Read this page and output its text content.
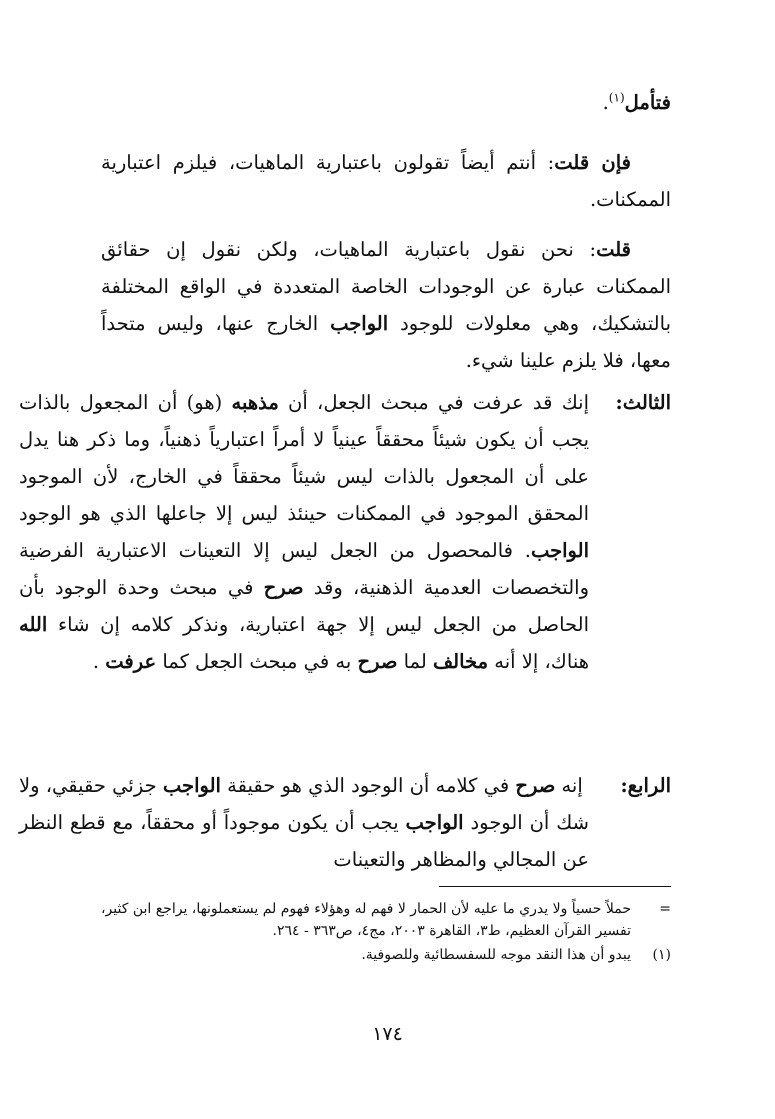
فتأمل$^{(١)}$.

فإن قلت: أنتم أيضاً تقولون باعتبارية الماهيات، فيلزم اعتبارية الممكنات.

قلت: نحن نقول باعتبارية الماهيات، ولكن نقول إن حقائق الممكنات عبارة عن الوجودات الخاصة المتعددة في الواقع المختلفة بالتشكيك، وهي معلولات للوجود الواجب الخارج عنها، وليس متحداً معها، فلا يلزم علينا شيء.

الثالث:إنك قد عرفت في مبحث الجعل، أن مذهبه (هو) أن المجعول بالذات يجب أن يكون شيئاً محققاً عينياً لا أمراً اعتبارياً ذهنياً، وما ذكر هنا يدل على أن المجعول بالذات ليس شيئاً محققاً في الخارج، لأن الموجود المحقق الموجود في الممكنات حينئذ ليس إلا جاعلها الذي هو الوجود الواجب. فالمحصول من الجعل ليس إلا التعينات الاعتبارية الفرضية والتخصصات العدمية الذهنية، وقد صرح في مبحث وحدة الوجود بأن الحاصل من الجعل ليس إلا جهة اعتبارية، ونذكر كلامه إن شاء الله هناك، إلا أنه مخالف لما صرح به في مبحث الجعل كما عرفت .

الرابع: إنه صرح في كلامه أن الوجود الذي هو حقيقة الواجب جزئي حقيقي، ولا شك أن الوجود الواجب يجب أن يكون موجوداً أو محققاً، مع قطع النظر عن المجالي والمظاهر والتعينات

=
حملاً حسياً ولا يدري ما عليه لأن الحمار لا فهم له وهؤلاء فهوم لم يستعملونها، يراجع ابن كثير، تفسير القرآن العظيم، ط٣، القاهرة ٢٠٠٣، مج٤، ص٣٦٣ - ٢٦٤.
(١)
يبدو أن هذا النقد موجه للسفسطائية وللصوفية.
١٧٤
